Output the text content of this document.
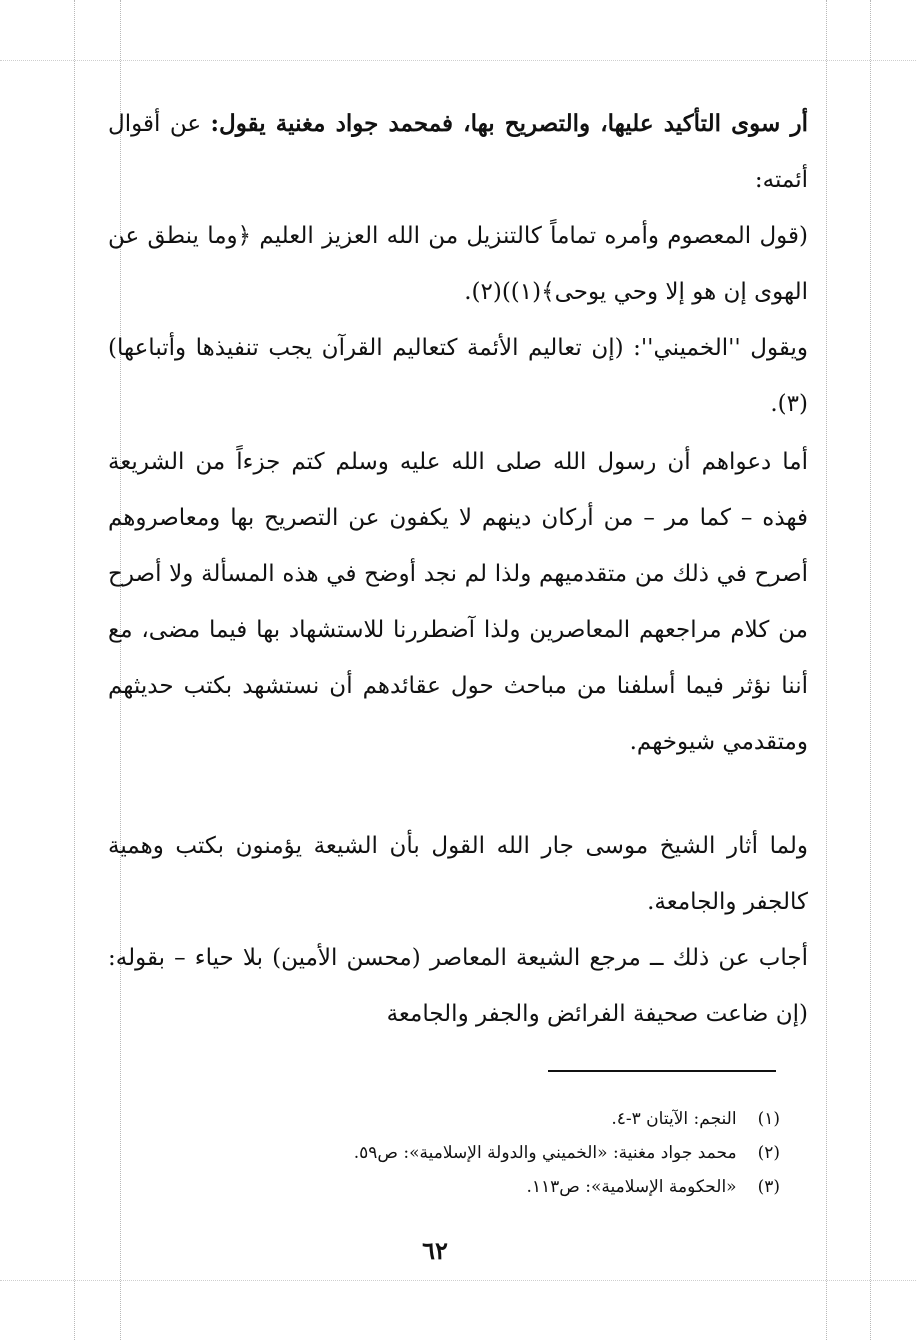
أر سوى التأكيد عليها، والتصريح بها، فمحمد جواد مغنية يقول: عن أقوال أئمته:

(قول المعصوم وأمره تماماً كالتنزيل من الله العزيز العليم ﴿وما ينطق عن الهوى إن هو إلا وحي يوحى﴾(١))(٢).

ويقول ''الخميني'': (إن تعاليم الأئمة كتعاليم القرآن يجب تنفيذها وأتباعها)(٣).

أما دعواهم أن رسول الله صلى الله عليه وسلم كتم جزءاً من الشريعة فهذه – كما مر – من أركان دينهم لا يكفون عن التصريح بها ومعاصروهم أصرح في ذلك من متقدميهم ولذا لم نجد أوضح في هذه المسألة ولا أصرح من كلام مراجعهم المعاصرين ولذا آضطررنا للاستشهاد بها فيما مضى، مع أننا نؤثر فيما أسلفنا من مباحث حول عقائدهم أن نستشهد بكتب حديثهم ومتقدمي شيوخهم.

ولما أثار الشيخ موسى جار الله القول بأن الشيعة يؤمنون بكتب وهمية كالجفر والجامعة.

أجاب عن ذلك ــ مرجع الشيعة المعاصر (محسن الأمين) بلا حياء – بقوله: (إن ضاعت صحيفة الفرائض والجفر والجامعة

(١) النجم: الآيتان ٣-٤.
(٢) محمد جواد مغنية: «الخميني والدولة الإسلامية»: ص٥٩.
(٣) «الحكومة الإسلامية»: ص١١٣.
٦٢
